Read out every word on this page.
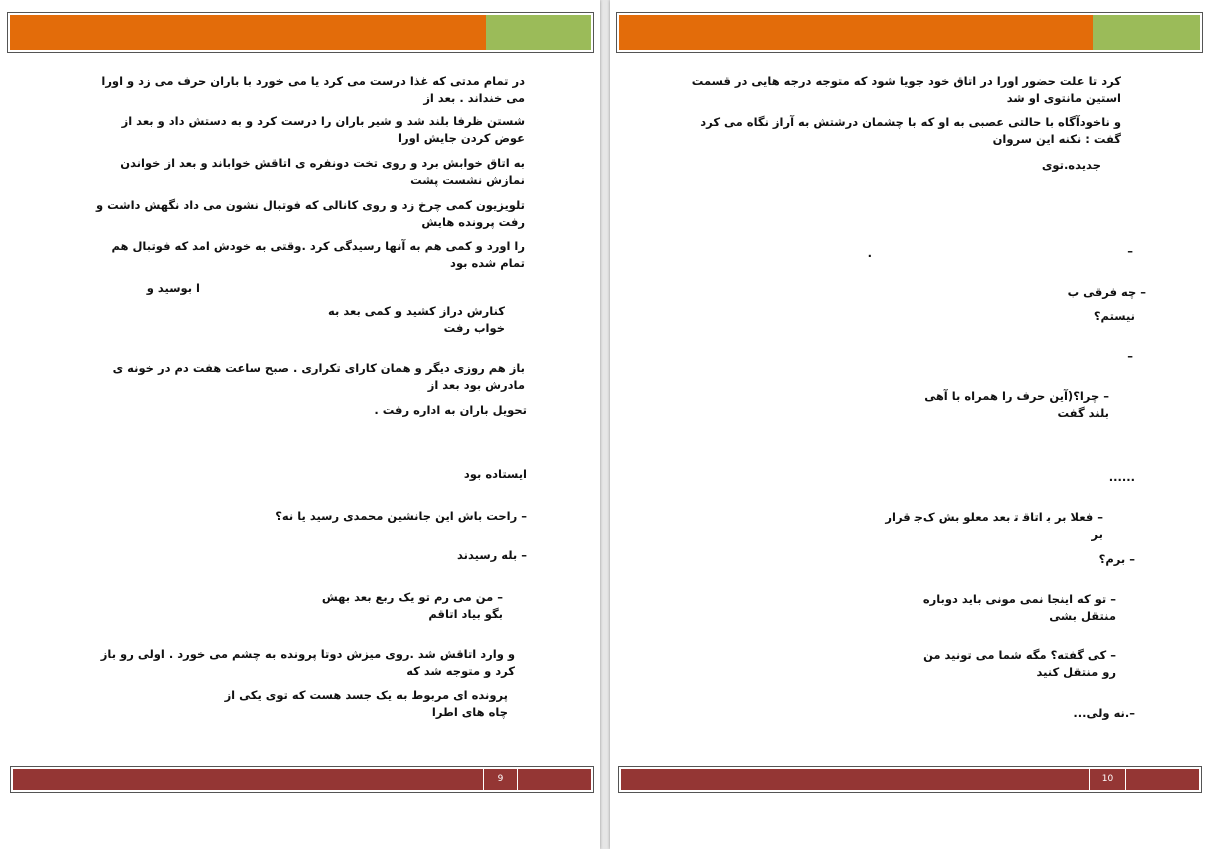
در تمام مدتی که غذا درست می کرد یا می خورد با باران حرف می زد و اورا می خنداند . بعد از
شستن ظرفا بلند شد و شیر باران را درست کرد و به دستش داد و بعد از عوض کردن جایش اورا
به اتاق خوابش برد و روی تخت دونفره ی اتاقش خواباند و بعد از خواندن نمازش نشست پشت
تلویزیون کمی چرخ زد و روی کانالی که فوتبال نشون می داد نگهش داشت و رفت پرونده هایش
را اورد و کمی هم به آنها رسیدگی کرد .وقتی به خودش امد که فوتبال هم تمام شده بود
ا بوسید و
کنارش دراز کشید و کمی بعد به خواب رفت
باز هم روزی دیگر و همان کارای تکراری . صبح ساعت هفت دم در خونه ی مادرش بود بعد از
تحویل باران به اداره رفت .
ایستاده بود
– راحت باش این جانشین محمدی رسید یا نه؟
– بله رسیدند
– من می رم تو یک ربع بعد بهش بگو بیاد اتاقم
و وارد اتاقش شد .روی میزش دوتا پرونده به چشم می خورد . اولی رو باز کرد و متوجه شد که
پرونده ای مربوط به یک جسد هست که توی یکی از چاه های اطرا
9
کرد تا علت حضور اورا در اتاق خود جویا شود که متوجه درجه هایی در قسمت استین مانتوی او شد
و ناخودآگاه با حالتی عصبی به او که با چشمان درشتش به آراز نگاه می کرد گفت : نکنه این سروان
جدیده.توی
–
.
– چه فرقی ب
نیستم؟
–
– چرا؟(آین حرف را همراه با آهی بلند گفت
......
– فعلا بر ﺑ اتاﻗ ﺗ بعد معلو بش کﺟ قرار بر
– برم؟
– تو که اینجا نمی مونی باید دوباره منتقل بشی
– کی گفته؟ مگه شما می تونید من رو منتقل کنید
–.نه ولی...
10
